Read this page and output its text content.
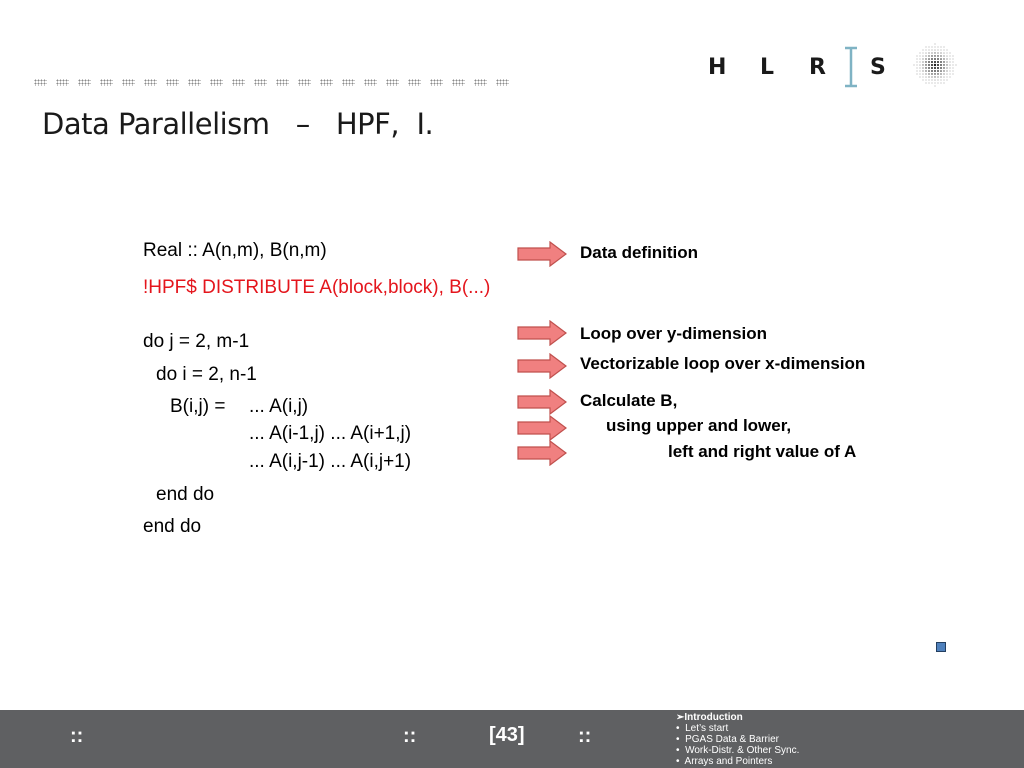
Data Parallelism   –   HPF,  I.
H L R S
Real :: A(n,m), B(n,m)
!HPF$ DISTRIBUTE A(block,block), B(...)
do j = 2, m-1
do i = 2, n-1
B(i,j) = ... A(i,j)
... A(i-1,j) ... A(i+1,j)
... A(i,j-1) ... A(i,j+1)
end do
end do
Data definition
Loop over y-dimension
Vectorizable loop over x-dimension
Calculate B,
using upper and lower,
left and right value of A
::	::	[43]	::
➢Introduction
• Let’s start
• PGAS Data & Barrier
• Work-Distr. & Other Sync.
• Arrays and Pointers
